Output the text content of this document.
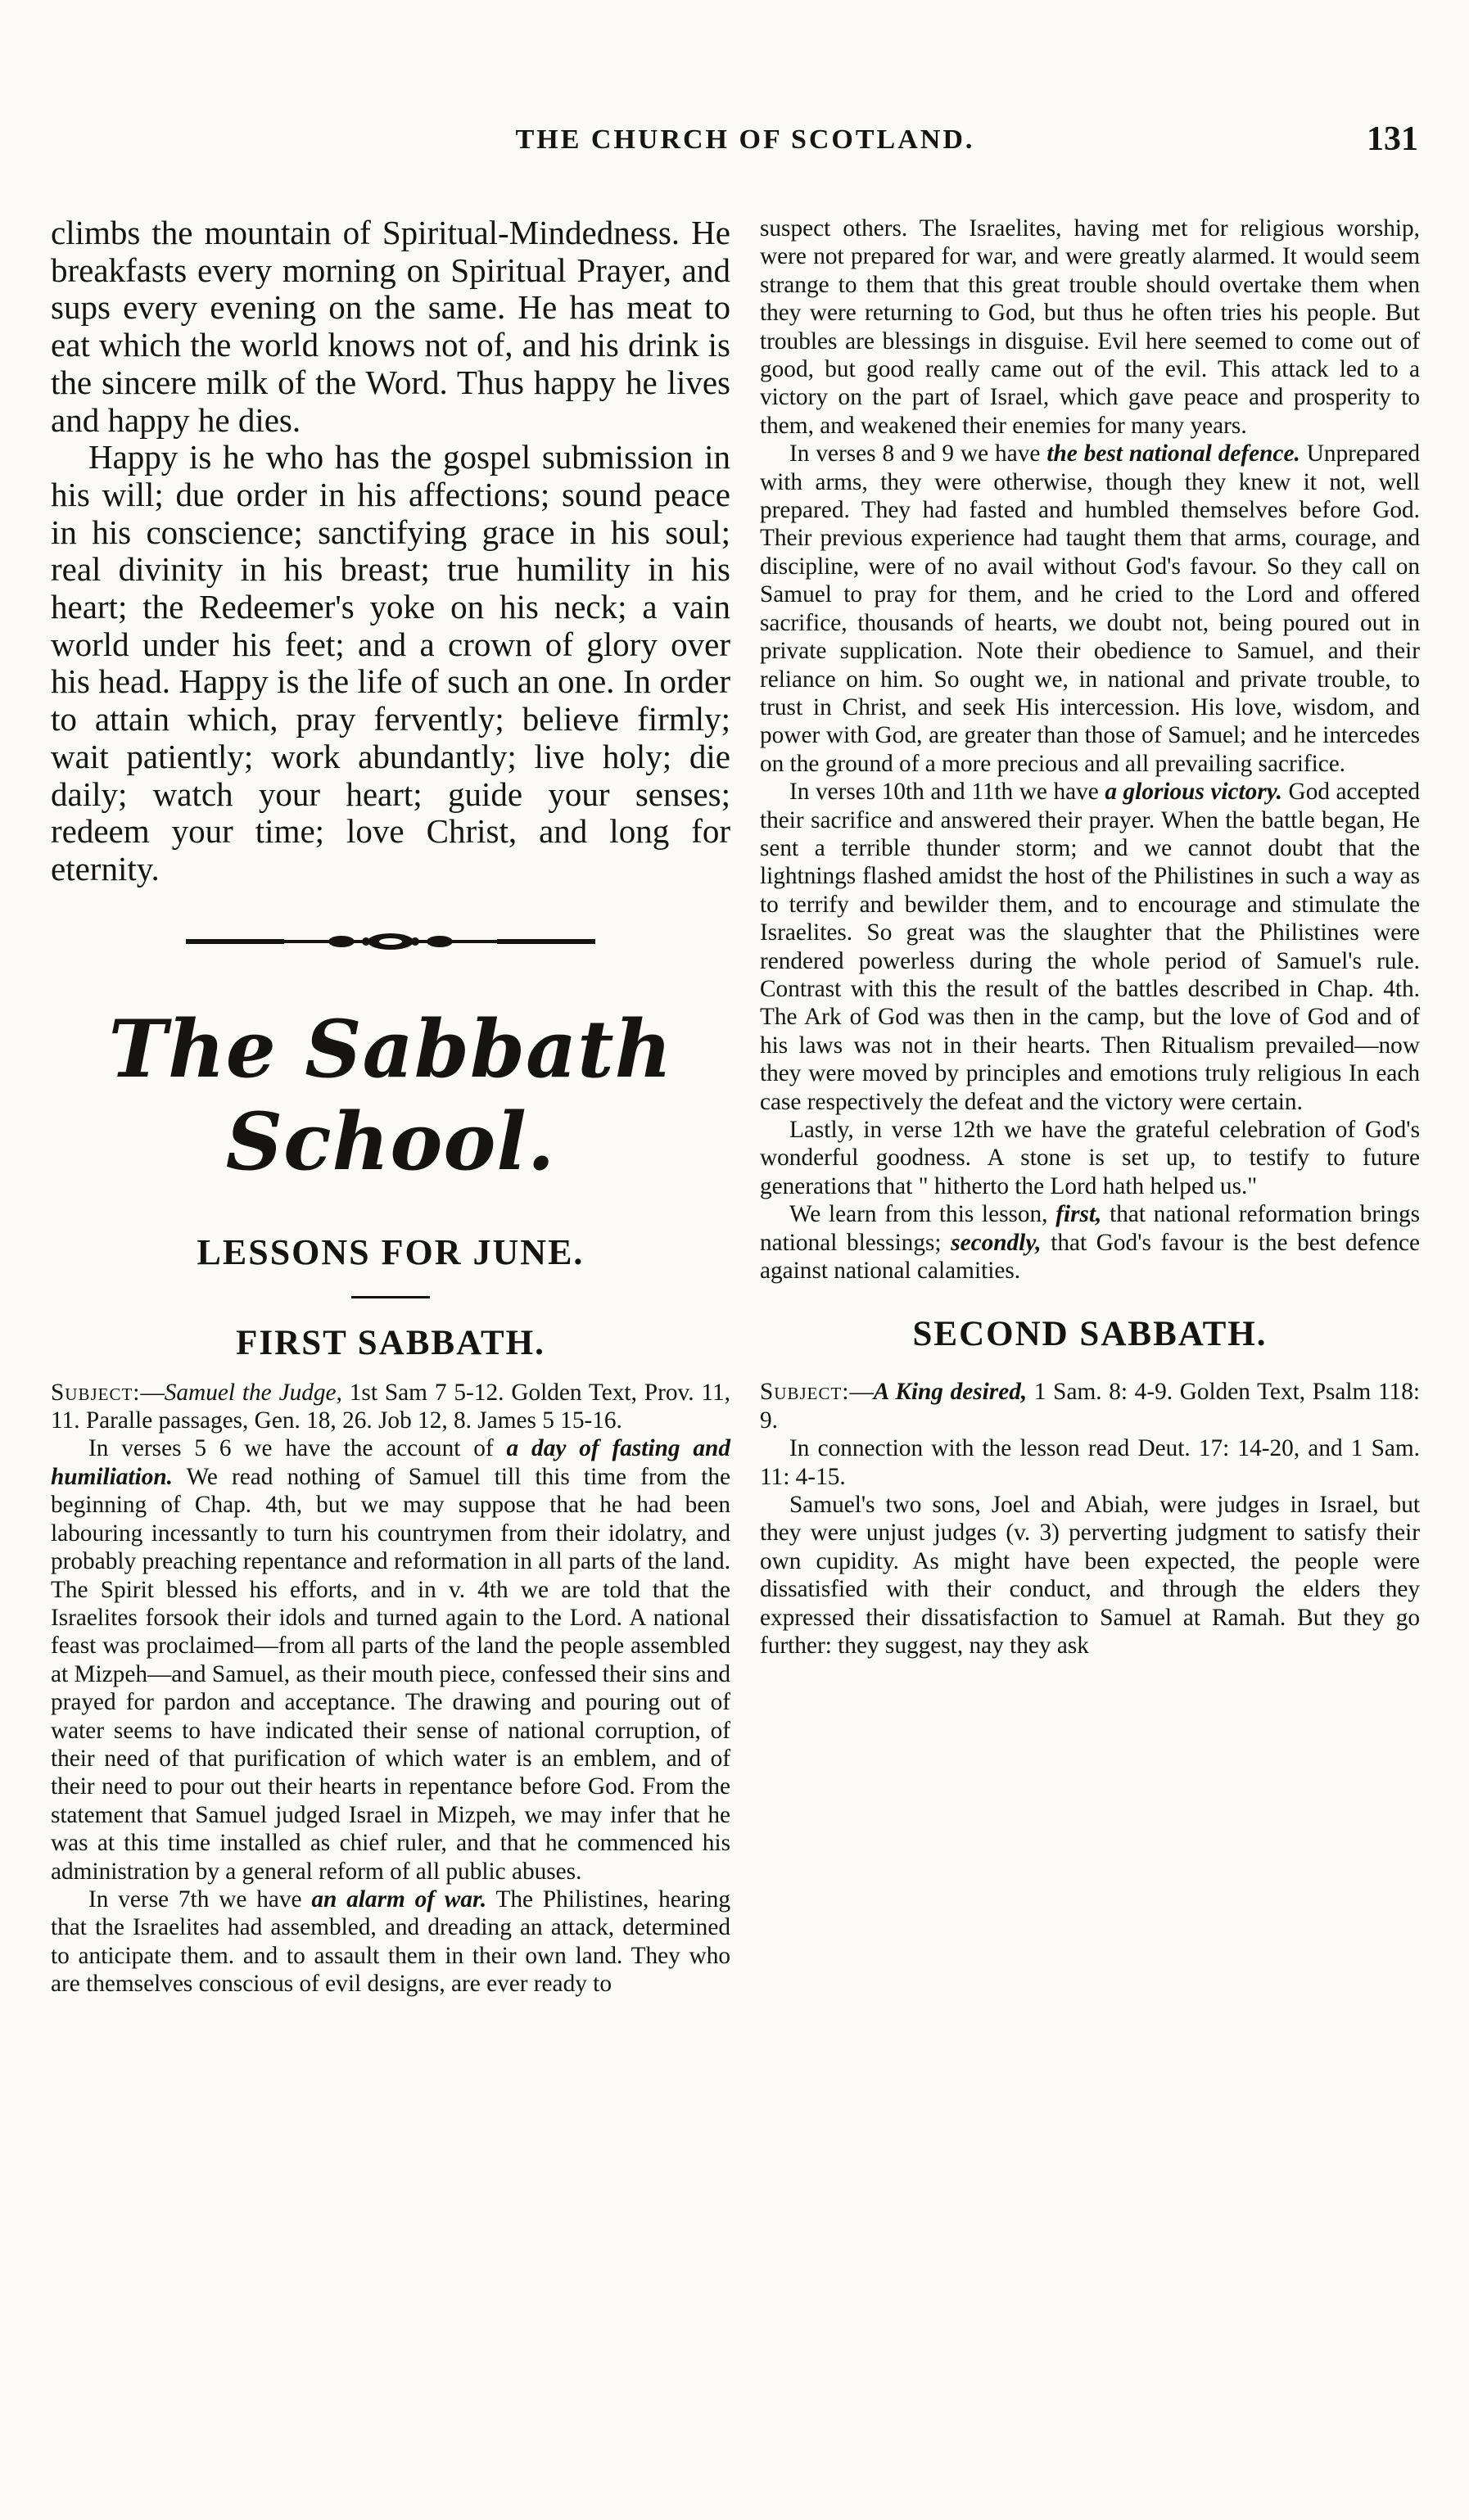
THE CHURCH OF SCOTLAND.	131

climbs the mountain of Spiritual-Mindedness. He breakfasts every morning on Spiritual Prayer, and sups every evening on the same. He has meat to eat which the world knows not of, and his drink is the sincere milk of the Word. Thus happy he lives and happy he dies.

Happy is he who has the gospel submission in his will; due order in his affections; sound peace in his conscience; sanctifying grace in his soul; real divinity in his breast; true humility in his heart; the Redeemer's yoke on his neck; a vain world under his feet; and a crown of glory over his head. Happy is the life of such an one. In order to attain which, pray fervently; believe firmly; wait patiently; work abundantly; live holy; die daily; watch your heart; guide your senses; redeem your time; love Christ, and long for eternity.

The Sabbath School.
LESSONS FOR JUNE.
FIRST SABBATH.

Subject:—Samuel the Judge, 1st Sam 7 5-12. Golden Text, Prov. 11, 11. Paralle passages, Gen. 18, 26. Job 12, 8. James 5 15-16.

In verses 5 6 we have the account of a day of fasting and humiliation. We read nothing of Samuel till this time from the beginning of Chap. 4th, but we may suppose that he had been labouring incessantly to turn his countrymen from their idolatry, and probably preaching repentance and reformation in all parts of the land. The Spirit blessed his efforts, and in v. 4th we are told that the Israelites forsook their idols and turned again to the Lord. A national feast was proclaimed—from all parts of the land the people assembled at Mizpeh—and Samuel, as their mouth piece, confessed their sins and prayed for pardon and acceptance. The drawing and pouring out of water seems to have indicated their sense of national corruption, of their need of that purification of which water is an emblem, and of their need to pour out their hearts in repentance before God. From the statement that Samuel judged Israel in Mizpeh, we may infer that he was at this time installed as chief ruler, and that he commenced his administration by a general reform of all public abuses.

In verse 7th we have an alarm of war. The Philistines, hearing that the Israelites had assembled, and dreading an attack, determined to anticipate them. and to assault them in their own land. They who are themselves conscious of evil designs, are ever ready to

suspect others. The Israelites, having met for religious worship, were not prepared for war, and were greatly alarmed. It would seem strange to them that this great trouble should overtake them when they were returning to God, but thus he often tries his people. But troubles are blessings in disguise. Evil here seemed to come out of good, but good really came out of the evil. This attack led to a victory on the part of Israel, which gave peace and prosperity to them, and weakened their enemies for many years.

In verses 8 and 9 we have the best national defence. Unprepared with arms, they were otherwise, though they knew it not, well prepared. They had fasted and humbled themselves before God. Their previous experience had taught them that arms, courage, and discipline, were of no avail without God's favour. So they call on Samuel to pray for them, and he cried to the Lord and offered sacrifice, thousands of hearts, we doubt not, being poured out in private supplication. Note their obedience to Samuel, and their reliance on him. So ought we, in national and private trouble, to trust in Christ, and seek His intercession. His love, wisdom, and power with God, are greater than those of Samuel; and he intercedes on the ground of a more precious and all prevailing sacrifice.

In verses 10th and 11th we have a glorious victory. God accepted their sacrifice and answered their prayer. When the battle began, He sent a terrible thunder storm; and we cannot doubt that the lightnings flashed amidst the host of the Philistines in such a way as to terrify and bewilder them, and to encourage and stimulate the Israelites. So great was the slaughter that the Philistines were rendered powerless during the whole period of Samuel's rule. Contrast with this the result of the battles described in Chap. 4th. The Ark of God was then in the camp, but the love of God and of his laws was not in their hearts. Then Ritualism prevailed—now they were moved by principles and emotions truly religious In each case respectively the defeat and the victory were certain.

Lastly, in verse 12th we have the grateful celebration of God's wonderful goodness. A stone is set up, to testify to future generations that " hitherto the Lord hath helped us."

We learn from this lesson, first, that national reformation brings national blessings; secondly, that God's favour is the best defence against national calamities.

SECOND SABBATH.

Subject:—A King desired, 1 Sam. 8: 4-9. Golden Text, Psalm 118: 9.

In connection with the lesson read Deut. 17: 14-20, and 1 Sam. 11: 4-15.

Samuel's two sons, Joel and Abiah, were judges in Israel, but they were unjust judges (v. 3) perverting judgment to satisfy their own cupidity. As might have been expected, the people were dissatisfied with their conduct, and through the elders they expressed their dissatisfaction to Samuel at Ramah. But they go further: they suggest, nay they ask
